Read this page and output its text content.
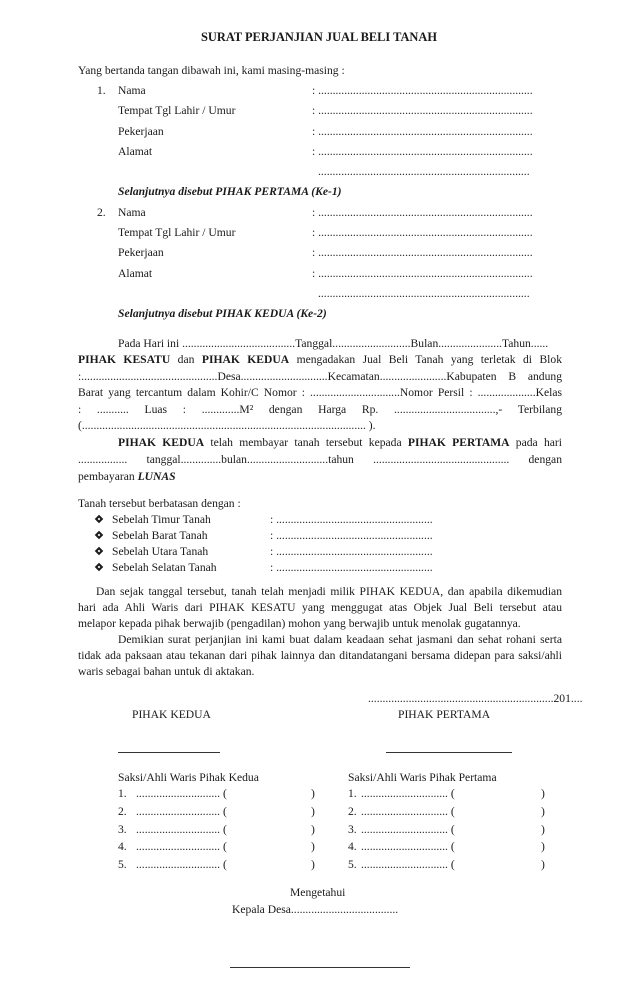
SURAT PERJANJIAN JUAL BELI TANAH
Yang bertanda tangan dibawah ini, kami masing-masing :
1. Nama	: ..........................................................................
Tempat Tgl Lahir / Umur	: ..........................................................................
Pekerjaan	: ..........................................................................
Alamat	: ..........................................................................
.........................................................................
Selanjutnya disebut PIHAK PERTAMA (Ke-1)
2. Nama	: ..........................................................................
Tempat Tgl Lahir / Umur	: ..........................................................................
Pekerjaan	: ..........................................................................
Alamat	: ..........................................................................
.........................................................................
Selanjutnya disebut PIHAK KEDUA (Ke-2)
Pada Hari ini .......................................Tanggal...........................Bulan......................Tahun......
PIHAK KESATU dan PIHAK KEDUA mengadakan Jual Beli Tanah yang terletak di Blok
:...............................................Desa..............................Kecamatan.......................Kabupaten B andung
Barat yang tercantum dalam Kohir/C Nomor : ...............................Nomor Persil : ....................Kelas
: ........... Luas : .............M² dengan Harga Rp. ...................................,- Terbilang
(.................................................................................................. ).
PIHAK KEDUA telah membayar tanah tersebut kepada PIHAK PERTAMA pada hari
................. tanggal..............bulan............................tahun ............................................... dengan
pembayaran LUNAS
Tanah tersebut berbatasan dengan :
Sebelah Timur Tanah	: ......................................................
Sebelah Barat Tanah	: ......................................................
Sebelah Utara Tanah	: ......................................................
Sebelah Selatan Tanah	: ......................................................
Dan sejak tanggal tersebut, tanah telah menjadi milik PIHAK KEDUA, dan apabila dikemudian
hari ada Ahli Waris dari PIHAK KESATU yang menggugat atas Objek Jual Beli tersebut atau
melapor kepada pihak berwajib (pengadilan) mohon yang berwajib untuk menolak gugatannya.
Demikian surat perjanjian ini kami buat dalam keadaan sehat jasmani dan sehat rohani serta
tidak ada paksaan atau tekanan dari pihak lainnya dan ditandatangani bersama didepan para saksi/ahli
waris sebagai bahan untuk di aktakan.
................................................................201....
PIHAK KEDUA	PIHAK PERTAMA
Saksi/Ahli Waris Pihak Kedua	Saksi/Ahli Waris Pihak Pertama
1. ............................. (	)	1. .............................. (	)
2. ............................. (	)	2. .............................. (	)
3. ............................. (	)	3. .............................. (	)
4. ............................. (	)	4. .............................. (	)
5. ............................. (	)	5. .............................. (	)
Mengetahui
Kepala Desa.....................................
